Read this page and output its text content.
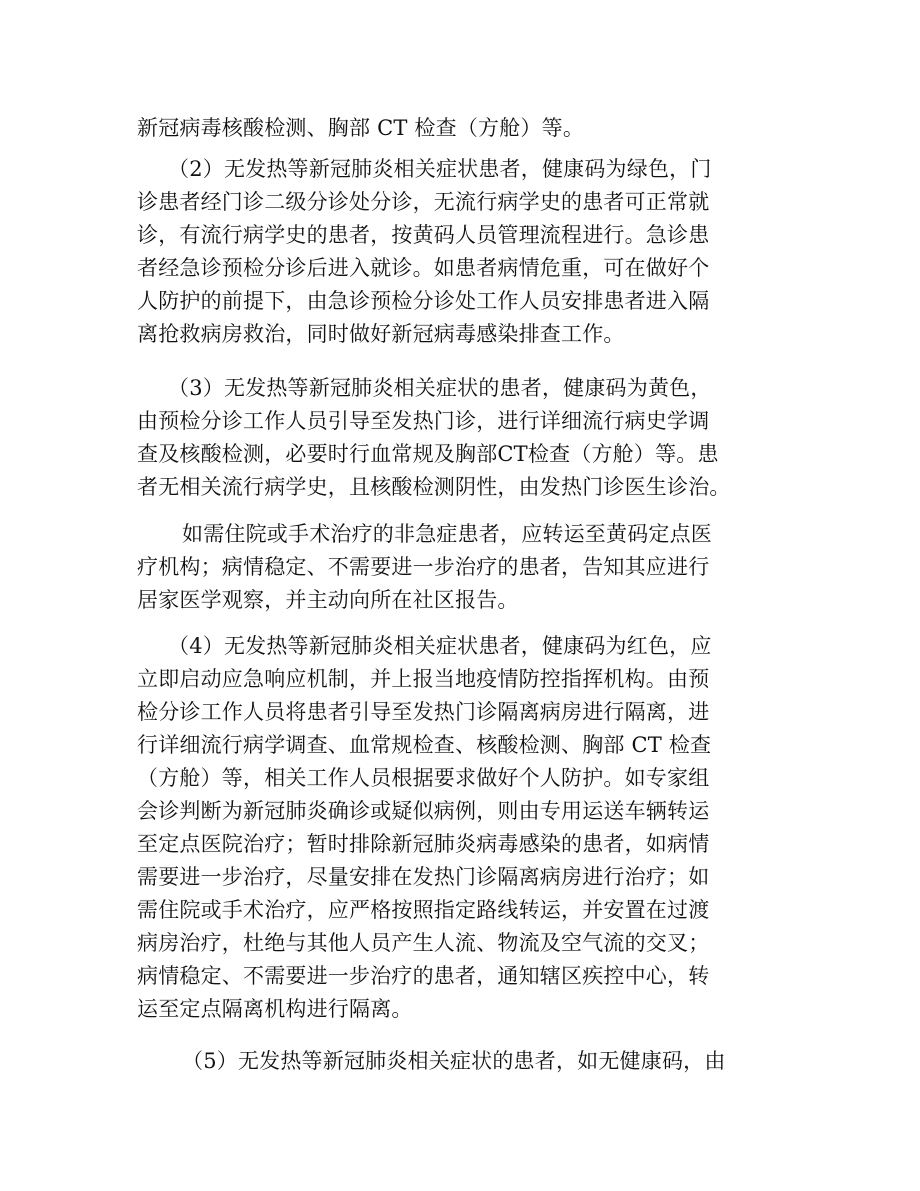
新冠病毒核酸检测、胸部 CT 检查（方舱）等。

（2）无发热等新冠肺炎相关症状患者，健康码为绿色，门

诊患者经门诊二级分诊处分诊，无流行病学史的患者可正常就

诊，有流行病学史的患者，按黄码人员管理流程进行。急诊患

者经急诊预检分诊后进入就诊。如患者病情危重，可在做好个

人防护的前提下，由急诊预检分诊处工作人员安排患者进入隔

离抢救病房救治，同时做好新冠病毒感染排查工作。

（3）无发热等新冠肺炎相关症状的患者，健康码为黄色，

由预检分诊工作人员引导至发热门诊，进行详细流行病史学调

查及核酸检测，必要时行血常规及胸部CT检查（方舱）等。患

者无相关流行病学史，且核酸检测阴性，由发热门诊医生诊治。

如需住院或手术治疗的非急症患者，应转运至黄码定点医

疗机构；病情稳定、不需要进一步治疗的患者，告知其应进行

居家医学观察，并主动向所在社区报告。

（4）无发热等新冠肺炎相关症状患者，健康码为红色，应

立即启动应急响应机制，并上报当地疫情防控指挥机构。由预

检分诊工作人员将患者引导至发热门诊隔离病房进行隔离，进

行详细流行病学调查、血常规检查、核酸检测、胸部 CT 检查

（方舱）等，相关工作人员根据要求做好个人防护。如专家组

会诊判断为新冠肺炎确诊或疑似病例，则由专用运送车辆转运

至定点医院治疗；暂时排除新冠肺炎病毒感染的患者，如病情

需要进一步治疗，尽量安排在发热门诊隔离病房进行治疗；如

需住院或手术治疗，应严格按照指定路线转运，并安置在过渡

病房治疗，杜绝与其他人员产生人流、物流及空气流的交叉；

病情稳定、不需要进一步治疗的患者，通知辖区疾控中心，转

运至定点隔离机构进行隔离。

（5）无发热等新冠肺炎相关症状的患者，如无健康码，由
